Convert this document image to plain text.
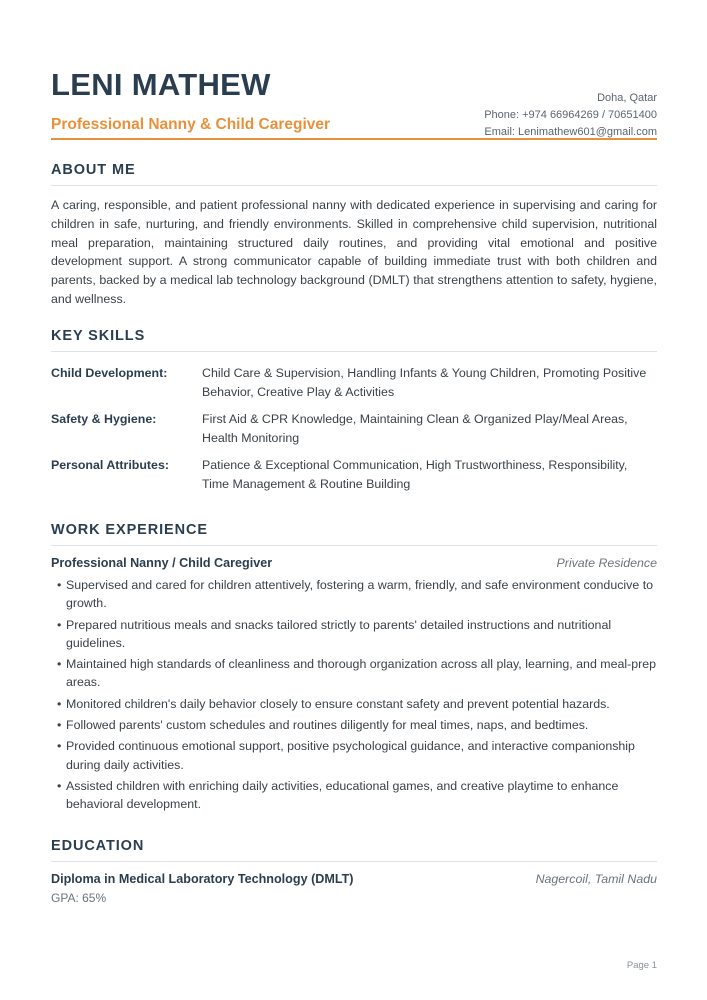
LENI MATHEW

Professional Nanny & Child Caregiver

Doha, Qatar
Phone: +974 66964269 / 70651400
Email: Lenimathew601@gmail.com
ABOUT ME

A caring, responsible, and patient professional nanny with dedicated experience in supervising and caring for children in safe, nurturing, and friendly environments. Skilled in comprehensive child supervision, nutritional meal preparation, maintaining structured daily routines, and providing vital emotional and positive development support. A strong communicator capable of building immediate trust with both children and parents, backed by a medical lab technology background (DMLT) that strengthens attention to safety, hygiene, and wellness.

KEY SKILLS
Child Development:	Child Care & Supervision, Handling Infants & Young Children, Promoting Positive Behavior, Creative Play & Activities
Safety & Hygiene:	First Aid & CPR Knowledge, Maintaining Clean & Organized Play/Meal Areas, Health Monitoring
Personal Attributes:	Patience & Exceptional Communication, High Trustworthiness, Responsibility, Time Management & Routine Building
WORK EXPERIENCE
Professional Nanny / Child Caregiver	Private Residence
• Supervised and cared for children attentively, fostering a warm, friendly, and safe environment conducive to growth.
• Prepared nutritious meals and snacks tailored strictly to parents' detailed instructions and nutritional guidelines.
• Maintained high standards of cleanliness and thorough organization across all play, learning, and meal-prep areas.
• Monitored children's daily behavior closely to ensure constant safety and prevent potential hazards.
• Followed parents' custom schedules and routines diligently for meal times, naps, and bedtimes.
• Provided continuous emotional support, positive psychological guidance, and interactive companionship during daily activities.
• Assisted children with enriching daily activities, educational games, and creative playtime to enhance behavioral development.
EDUCATION
Diploma in Medical Laboratory Technology (DMLT)	Nagercoil, Tamil Nadu
GPA: 65%
Page 1
